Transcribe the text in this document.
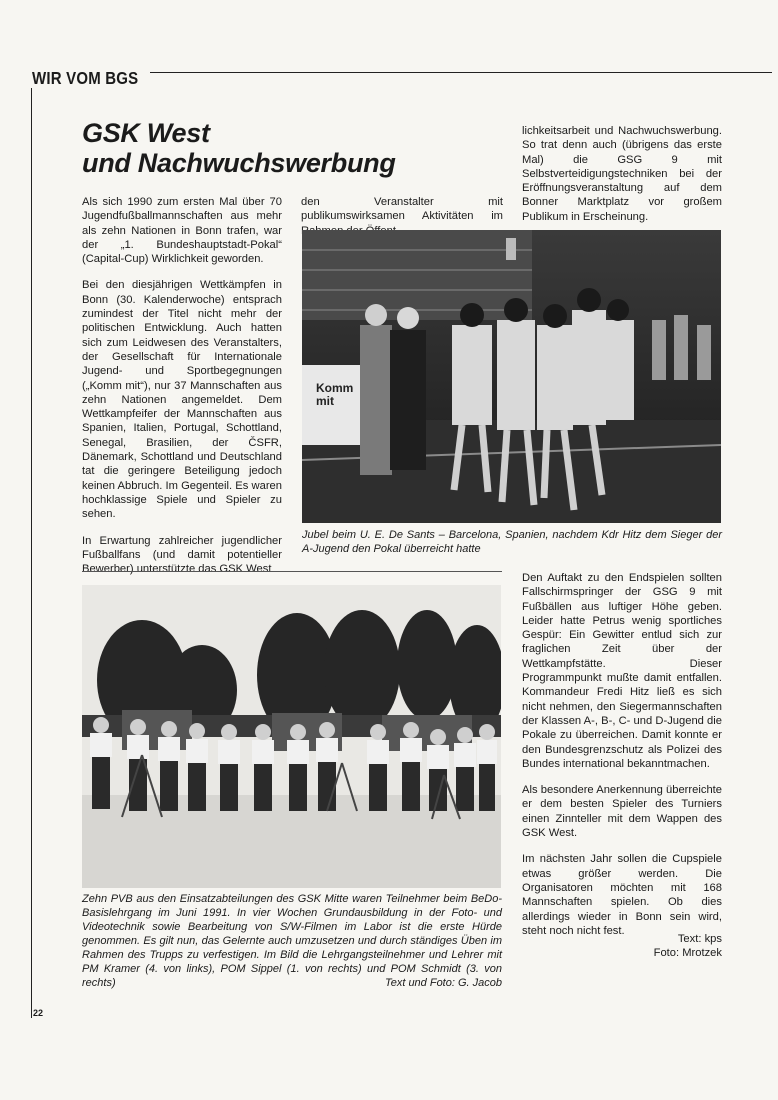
WIR VOM BGS
GSK West
und Nachwuchswerbung

Als sich 1990 zum ersten Mal über 70 Jugendfußballmannschaften aus mehr als zehn Nationen in Bonn trafen, war der „1. Bundeshauptstadt-Pokal“ (Capital-Cup) Wirklichkeit geworden.

Bei den diesjährigen Wettkämpfen in Bonn (30. Kalenderwoche) entsprach zumindest der Titel nicht mehr der politischen Entwicklung. Auch hatten sich zum Leidwesen des Veranstalters, der Gesellschaft für Internationale Jugend- und Sportbegegnungen („Komm mit“), nur 37 Mannschaften aus zehn Nationen angemeldet. Dem Wettkampfeifer der Mannschaften aus Spanien, Italien, Portugal, Schottland, Senegal, Brasilien, der ČSFR, Dänemark, Schottland und Deutschland tat die geringere Beteiligung jedoch keinen Abbruch. Im Gegenteil. Es waren hochklassige Spiele und Spieler zu sehen.

In Erwartung zahlreicher jugendlicher Fußballfans (und damit potentieller Bewerber) unterstützte das GSK West

den Veranstalter mit publikumswirksamen Aktivitäten im
lichkeitsarbeit und Nachwuchswerbung. So trat denn auch (übrigens das erste Mal) die GSG 9 mit Selbstverteidigungstechniken bei der Eröffnungsveranstaltung auf dem Bonner Marktplatz vor großem Publikum in Erscheinung.
Komm mit
Jubel beim U. E. De Sants – Barcelona, Spanien, nachdem Kdr Hitz dem Sieger der A-Jugend den Pokal überreicht hatte
Zehn PVB aus den Einsatzabteilungen des GSK Mitte waren Teilnehmer beim BeDo-Basislehrgang im Juni 1991. In vier Wochen Grundausbildung in der Foto- und Videotechnik sowie Bearbeitung von S/W-Filmen im Labor ist die erste Hürde genommen. Es gilt nun, das Gelernte auch umzusetzen und durch ständiges Üben im Rahmen des Trupps zu verfestigen. Im Bild die Lehrgangsteilnehmer und Lehrer mit PM Kramer (4. von links), POM Sippel (1. von rechts) und POM Schmidt (3. von rechts)	Text und Foto: G. Jacob

Den Auftakt zu den Endspielen sollten Fallschirmspringer der GSG 9 mit Fußbällen aus luftiger Höhe geben. Leider hatte Petrus wenig sportliches Gespür: Ein Gewitter entlud sich zur fraglichen Zeit über der Wettkampfstätte. Dieser Programmpunkt mußte damit entfallen. Kommandeur Fredi Hitz ließ es sich nicht nehmen, den Siegermannschaften der Klassen A-, B-, C- und D-Jugend die Pokale zu überreichen. Damit konnte er den Bundesgrenzschutz als Polizei des Bundes international bekanntmachen.

Als besondere Anerkennung überreichte er dem besten Spieler des Turniers einen Zinnteller mit dem Wappen des GSK West.

Im nächsten Jahr sollen die Cupspiele etwas größer werden. Die Organisatoren möchten mit 168 Mannschaften spielen. Ob dies allerdings wieder in Bonn sein wird, steht noch nicht fest.

Text: kps
Foto: Mrotzek
22
